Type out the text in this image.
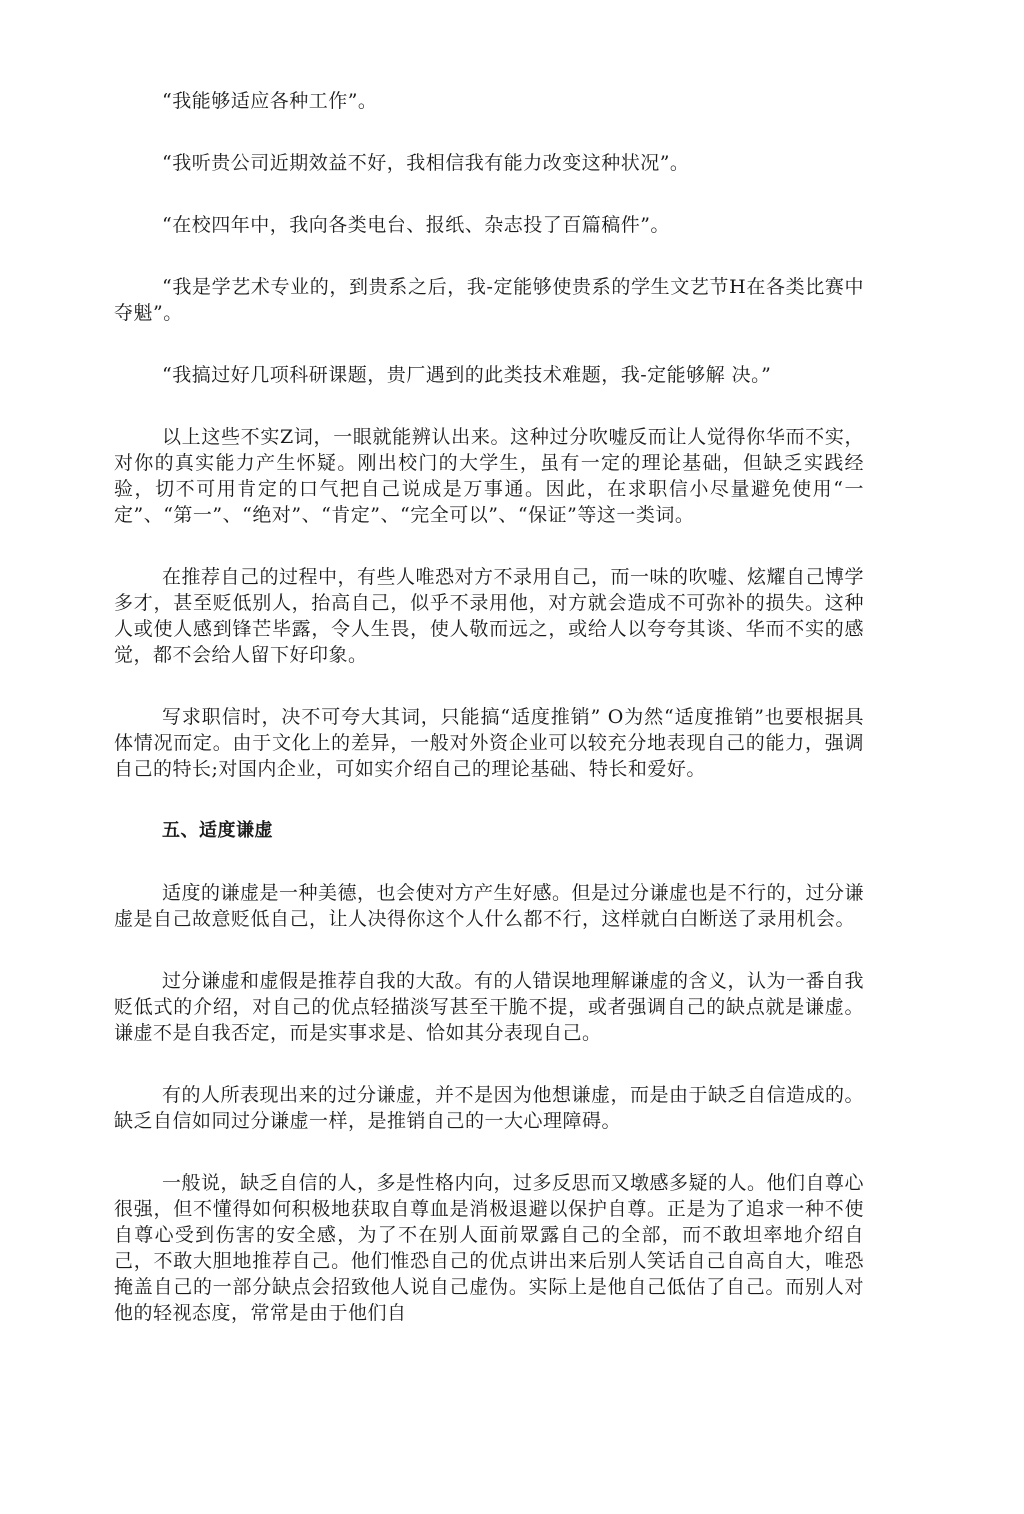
“我能够适应各种工作”。

“我听贵公司近期效益不好，我相信我有能力改变这种状况”。

“在校四年中，我向各类电台、报纸、杂志投了百篇稿件”。

“我是学艺术专业的，到贵系之后，我-定能够使贵系的学生文艺节H在各类比赛中夺魁”。

“我搞过好几项科研课题，贵厂遇到的此类技术难题，我-定能够解 决。”

以上这些不实Z词，一眼就能辨认出来。这种过分吹嘘反而让人觉得你华而不实，对你的真实能力产生怀疑。刚出校门的大学生，虽有一定的理论基础，但缺乏实践经验，切不可用肯定的口气把自己说成是万事通。因此，在求职信小尽量避免使用“一定”、“第一”、“绝对”、“肯定”、“完全可以”、“保证”等这一类词。

在推荐自己的过程中，有些人唯恐对方不录用自己，而一味的吹嘘、炫耀自己博学多才，甚至贬低别人，抬高自己，似乎不录用他，对方就会造成不可弥补的损失。这种人或使人感到锋芒毕露，令人生畏，使人敬而远之，或给人以夸夸其谈、华而不实的感觉，都不会给人留下好印象。

写求职信时，决不可夸大其词，只能搞“适度推销” O为然“适度推销”也要根据具体情况而定。由于文化上的差异，一般对外资企业可以较充分地表现自己的能力，强调自己的特长;对国内企业，可如实介绍自己的理论基础、特长和爱好。

五、适度谦虚

适度的谦虚是一种美德，也会使对方产生好感。但是过分谦虚也是不行的，过分谦虚是自己故意贬低自己，让人决得你这个人什么都不行，这样就白白断送了录用机会。

过分谦虚和虚假是推荐自我的大敌。有的人错误地理解谦虚的含义，认为一番自我贬低式的介绍，对自己的优点轻描淡写甚至干脆不提，或者强调自己的缺点就是谦虚。谦虚不是自我否定，而是实事求是、恰如其分表现自己。

有的人所表现出来的过分谦虚，并不是因为他想谦虚，而是由于缺乏自信造成的。缺乏自信如同过分谦虚一样，是推销自己的一大心理障碍。

一般说，缺乏自信的人，多是性格内向，过多反思而又墩感多疑的人。他们自尊心很强，但不懂得如何积极地获取自尊血是消极退避以保护自尊。正是为了追求一种不使自尊心受到伤害的安全感，为了不在别人面前眾露自己的全部，而不敢坦率地介绍自己，不敢大胆地推荐自己。他们惟恐自己的优点讲出来后别人笑话自己自高自大，唯恐掩盖自己的一部分缺点会招致他人说自己虚伪。实际上是他自己低估了自己。而别人对他的轻视态度，常常是由于他们自
